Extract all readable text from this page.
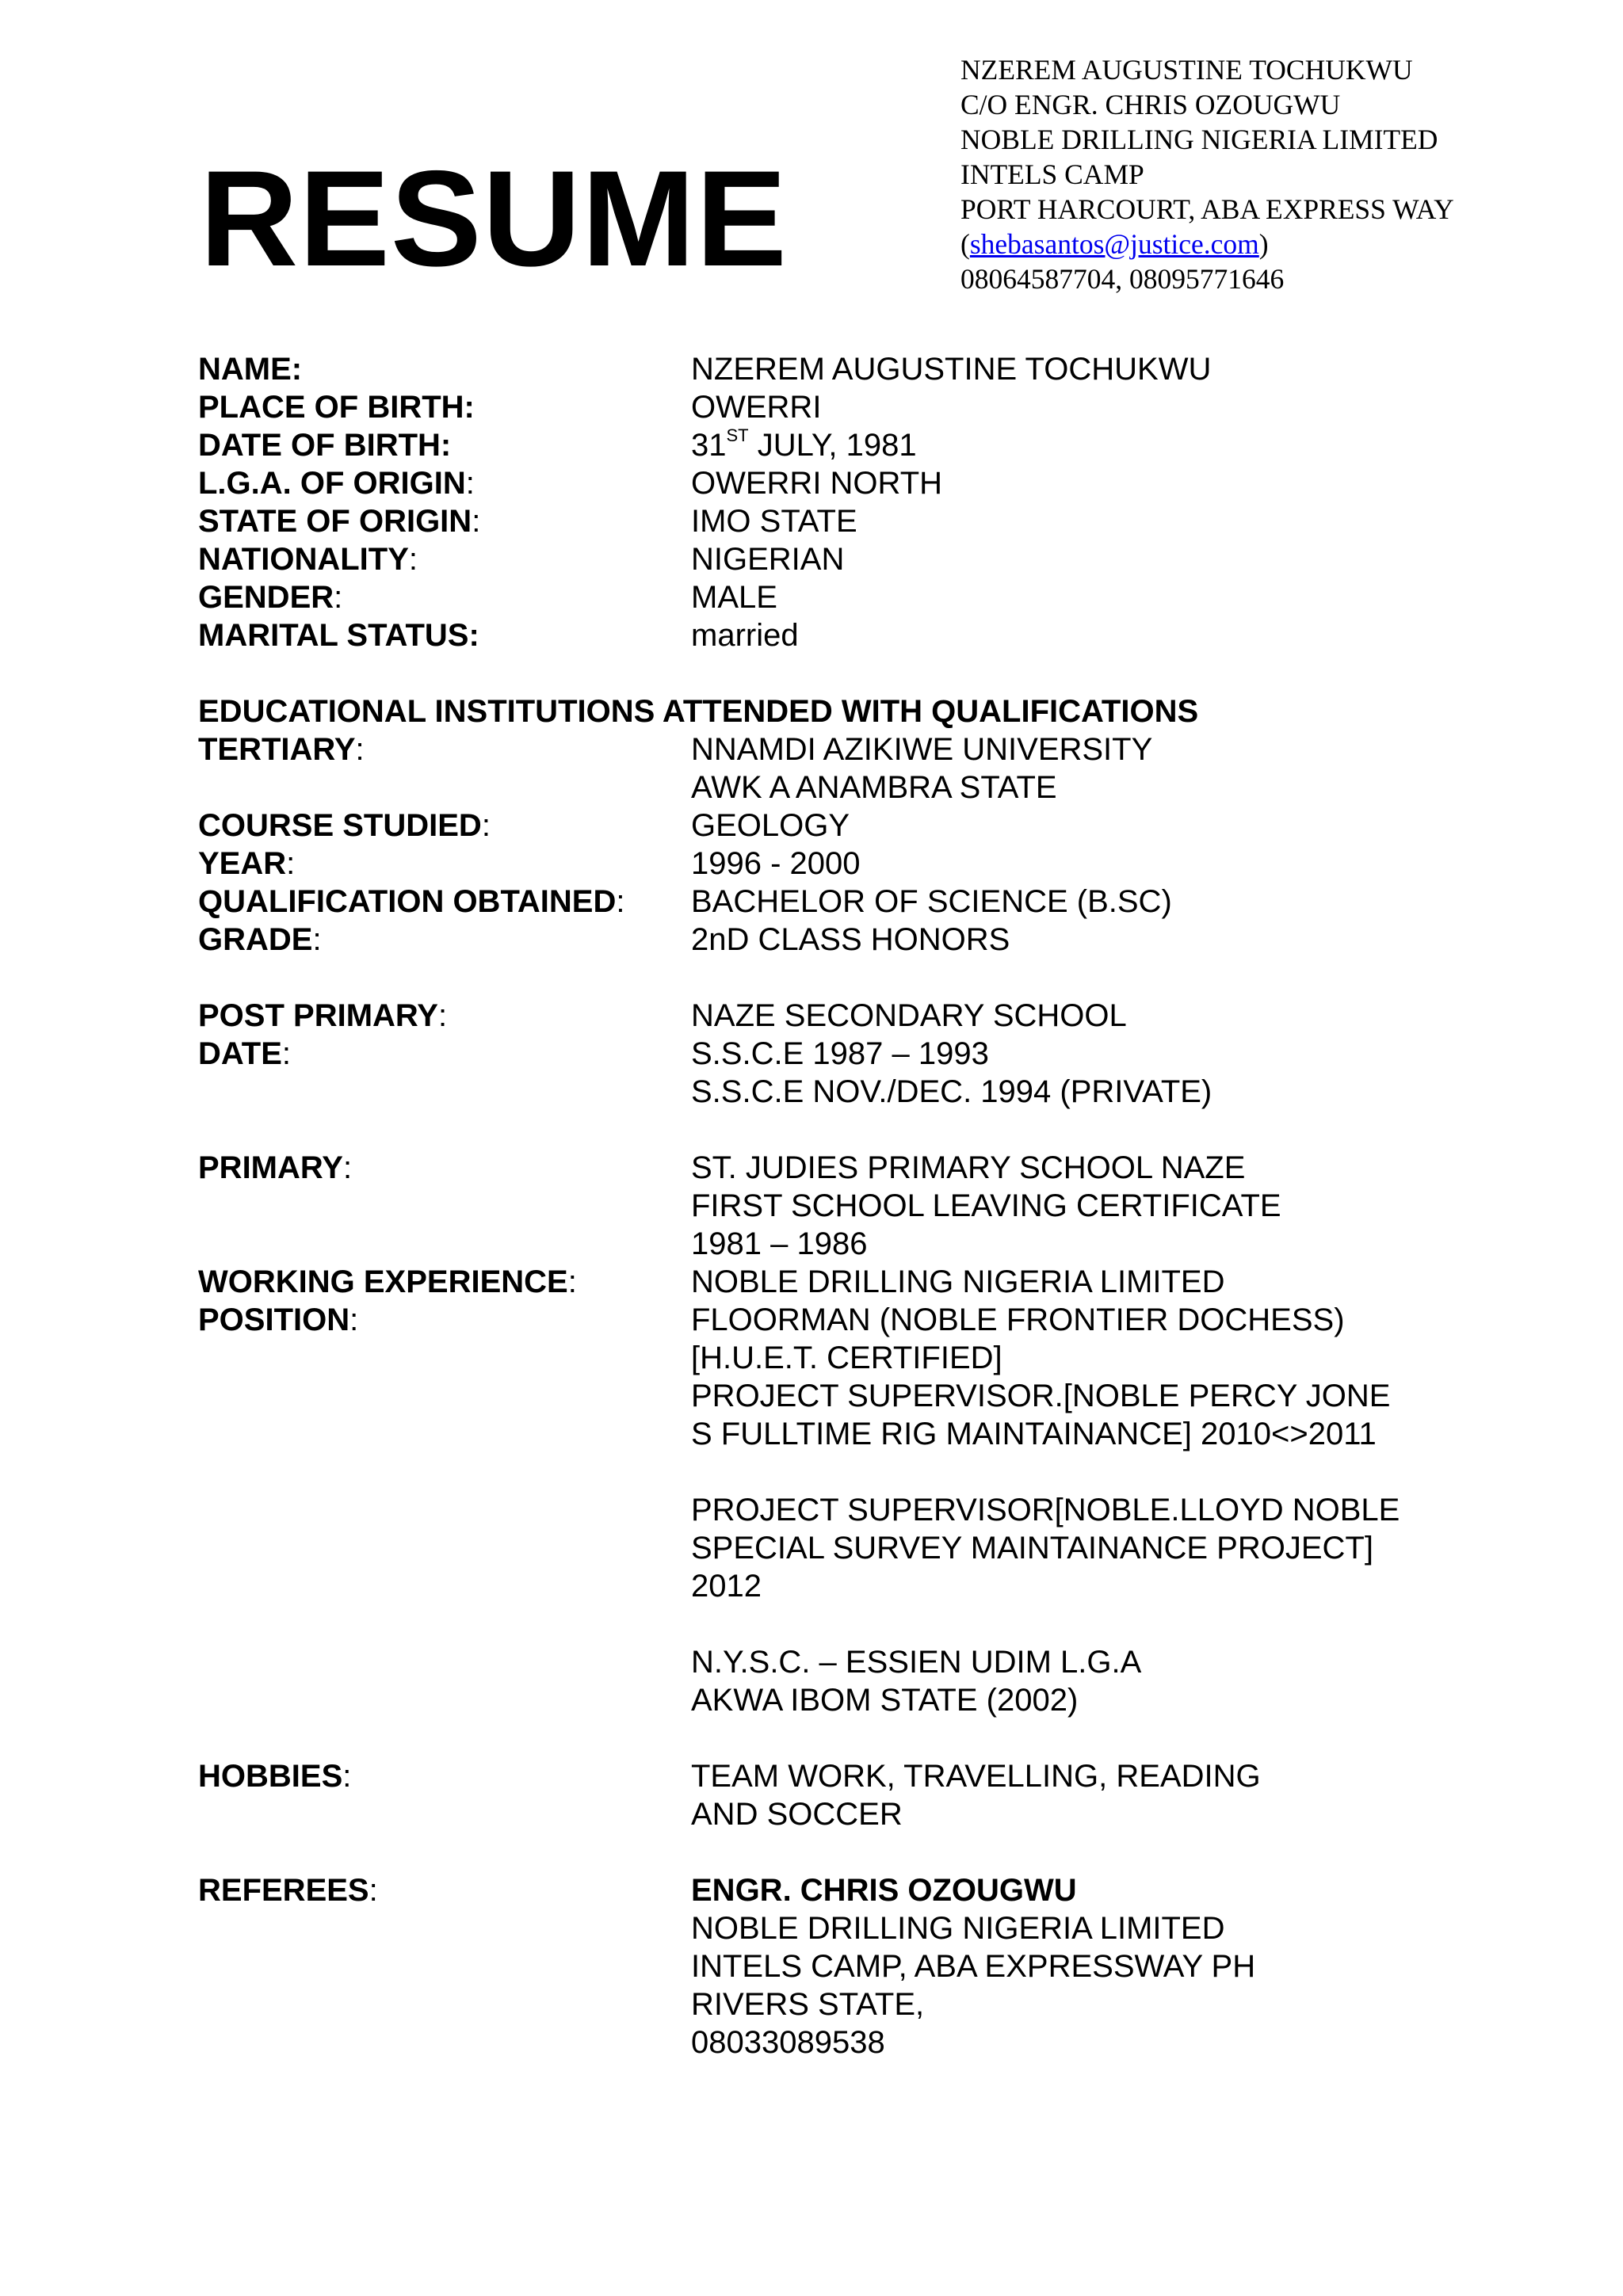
RESUME
NZEREM AUGUSTINE TOCHUKWU
C/O ENGR. CHRIS OZOUGWU
NOBLE DRILLING NIGERIA LIMITED
INTELS CAMP
PORT HARCOURT, ABA EXPRESS WAY
(shebasantos@justice.com)
08064587704, 08095771646
NAME:	NZEREM AUGUSTINE TOCHUKWU
PLACE OF BIRTH:	OWERRI
DATE OF BIRTH:	31ST JULY, 1981
L.G.A. OF ORIGIN:	OWERRI NORTH
STATE OF ORIGIN:	IMO STATE
NATIONALITY:	NIGERIAN
GENDER:	MALE
MARITAL STATUS:	married
EDUCATIONAL INSTITUTIONS ATTENDED WITH QUALIFICATIONS
TERTIARY:	NNAMDI AZIKIWE UNIVERSITY
AWK A ANAMBRA STATE
COURSE STUDIED:	GEOLOGY
YEAR:	1996 - 2000
QUALIFICATION OBTAINED:	BACHELOR OF SCIENCE (B.SC)
GRADE:	2nD CLASS HONORS
POST PRIMARY:	NAZE SECONDARY SCHOOL
DATE:	S.S.C.E 1987 – 1993
S.S.C.E NOV./DEC. 1994 (PRIVATE)
PRIMARY:	ST. JUDIES PRIMARY SCHOOL NAZE
FIRST SCHOOL LEAVING CERTIFICATE
1981 – 1986
WORKING EXPERIENCE:	NOBLE DRILLING NIGERIA LIMITED
POSITION:	FLOORMAN (NOBLE FRONTIER DOCHESS)
[H.U.E.T. CERTIFIED]
PROJECT SUPERVISOR.[NOBLE PERCY JONE
S FULLTIME RIG MAINTAINANCE] 2010<>2011
PROJECT SUPERVISOR[NOBLE.LLOYD NOBLE
SPECIAL SURVEY MAINTAINANCE PROJECT]
2012
N.Y.S.C. – ESSIEN UDIM L.G.A
AKWA IBOM STATE (2002)
HOBBIES:	TEAM WORK, TRAVELLING, READING
AND SOCCER
REFEREES:	ENGR. CHRIS OZOUGWU
NOBLE DRILLING NIGERIA LIMITED
INTELS CAMP, ABA EXPRESSWAY PH
RIVERS STATE,
08033089538
